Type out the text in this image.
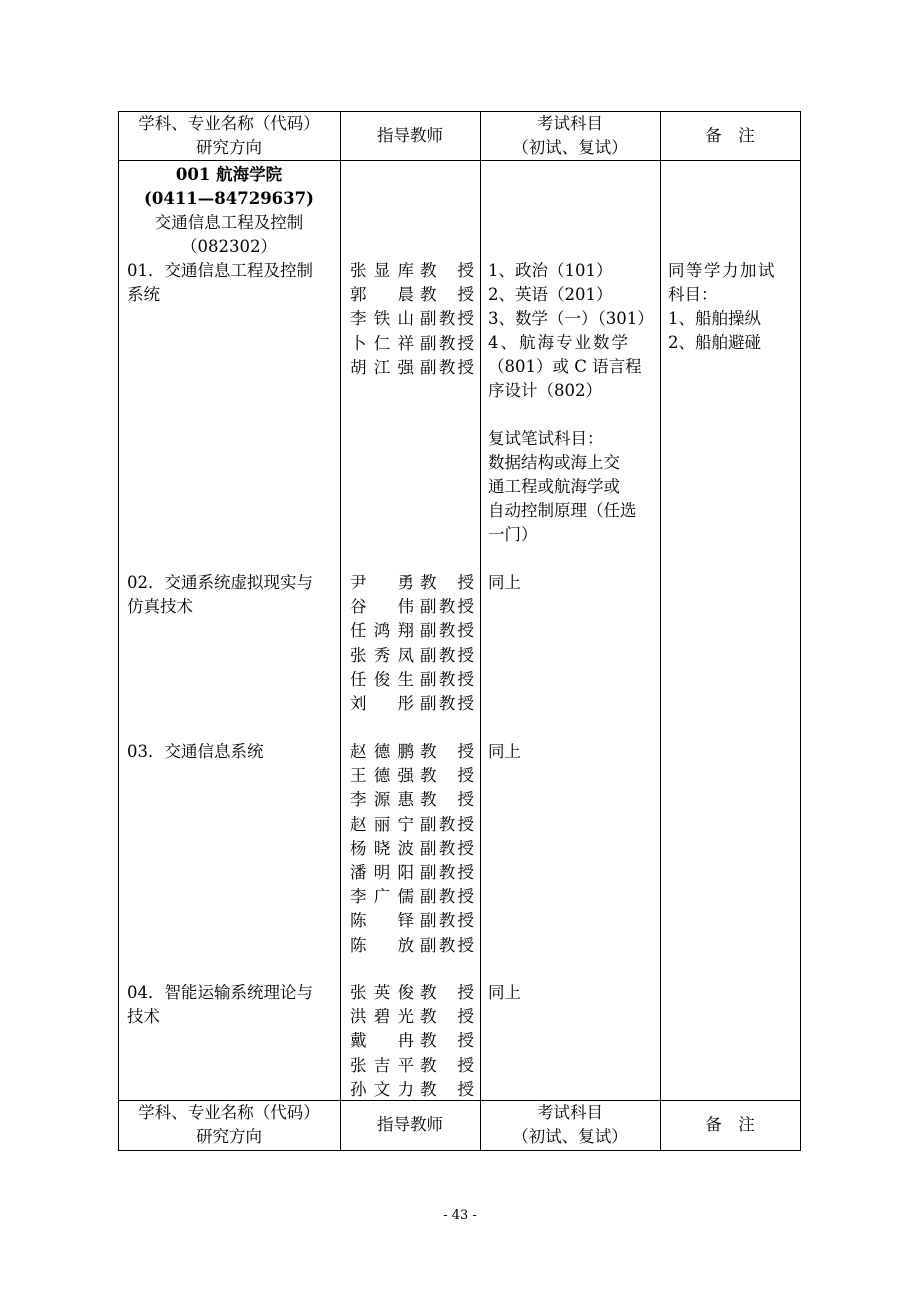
学科、专业名称（代码）
研究方向
指导教师
考试科目
（初试、复试）
备　注
001 航海学院
(0411—84729637)
交通信息工程及控制
（082302）
01．交通信息工程及控制
系统
张显库 教授
郭晨 教授
李铁山 副教授
卜仁祥 副教授
胡江强 副教授
1、政治（101）
2、英语（201）
3、数学（一）（301）
4、航海专业数学
（801）或 C 语言程
序设计（802）
复试笔试科目：
数据结构或海上交
通工程或航海学或
自动控制原理（任选
一门）
同等学力加试
科目：
1、船舶操纵
2、船舶避碰
02．交通系统虚拟现实与
仿真技术
尹勇 教授
谷伟 副教授
任鸿翔 副教授
张秀凤 副教授
任俊生 副教授
刘彤 副教授
同上
03．交通信息系统	赵德鹏 教授
王德强 教授
李源惠 教授
赵丽宁 副教授
杨晓波 副教授
潘明阳 副教授
李广儒 副教授
陈铎 副教授
陈放 副教授
同上
04．智能运输系统理论与
技术
张英俊 教授
洪碧光 教授
戴冉 教授
张吉平 教授
孙文力 教授
同上
学科、专业名称（代码）
研究方向
指导教师
考试科目
（初试、复试）
备　注
- 43 -
